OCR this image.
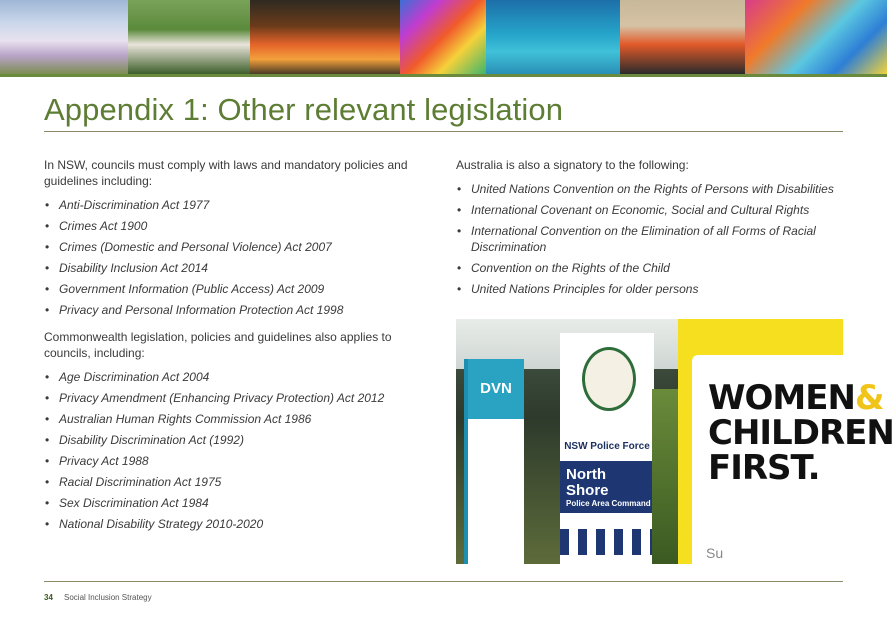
Appendix 1: Other relevant legislation

In NSW, councils must comply with laws and mandatory policies and guidelines including:

• Anti-Discrimination Act 1977
• Crimes Act 1900
• Crimes (Domestic and Personal Violence) Act 2007
• Disability Inclusion Act 2014
• Government Information (Public Access) Act 2009
• Privacy and Personal Information Protection Act 1998

Commonwealth legislation, policies and guidelines also applies to councils, including:

• Age Discrimination Act 2004
• Privacy Amendment (Enhancing Privacy Protection) Act 2012
• Australian Human Rights Commission Act 1986
• Disability Discrimination Act (1992)
• Privacy Act 1988
• Racial Discrimination Act 1975
• Sex Discrimination Act 1984
• National Disability Strategy 2010-2020

Australia is also a signatory to the following:

• United Nations Convention on the Rights of Persons with Disabilities
• International Covenant on Economic, Social and Cultural Rights
• International Convention on the Elimination of all Forms of Racial Discrimination
• Convention on the Rights of the Child
• United Nations Principles for older persons
DVN
NSW Police Force
North Shore
Police Area Command
WOMEN&
CHILDREN
FIRST.
Su
34 Social Inclusion Strategy
